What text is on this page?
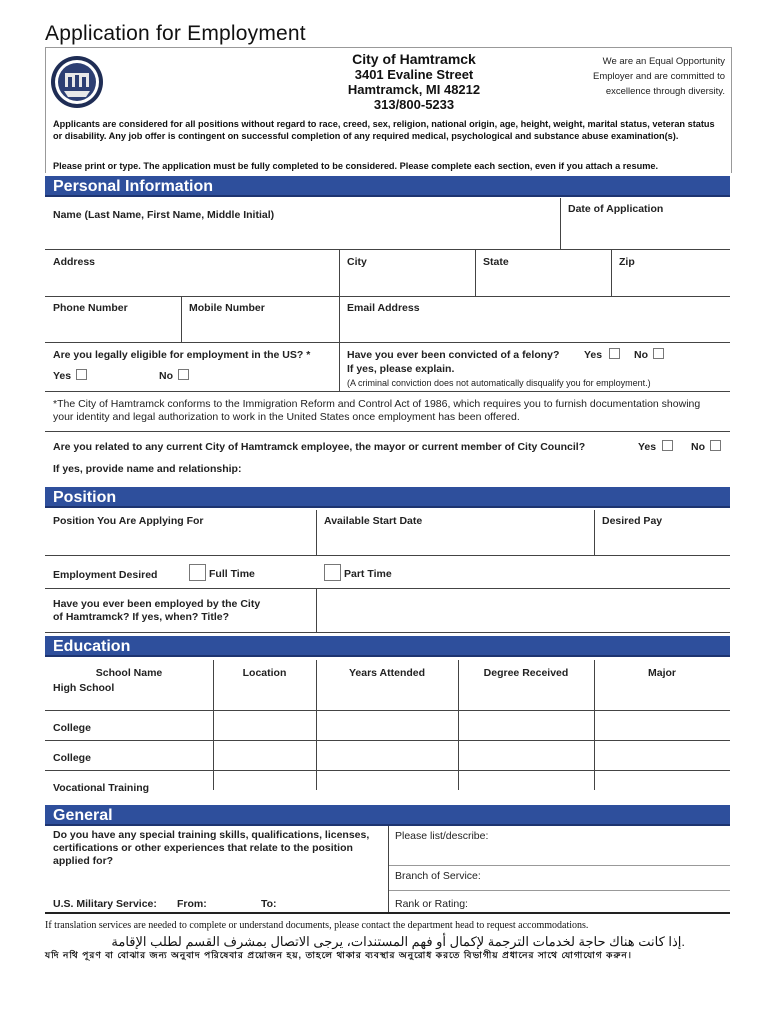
Application for Employment
City of Hamtramck
3401 Evaline Street
Hamtramck, MI 48212
313/800-5233
We are an Equal Opportunity
Employer and are committed to
excellence through diversity.
Applicants are considered for all positions without regard to race, creed, sex, religion, national origin, age, height, weight, marital status, veteran status or disability. Any job offer is contingent on successful completion of any required medical, psychological and substance abuse examination(s).
Please print or type. The application must be fully completed to be considered. Please complete each section, even if you attach a resume.
Personal Information
Name (Last Name, First Name, Middle Initial)	Date of Application
Address	City	State	Zip
Phone Number	Mobile Number	Email Address
Are you legally eligible for employment in the US? *
Yes	No
Have you ever been convicted of a felony? Yes	No
If yes, please explain.
(A criminal conviction does not automatically disqualify you for employment.)
*The City of Hamtramck conforms to the Immigration Reform and Control Act of 1986, which requires you to furnish documentation showing your identity and legal authorization to work in the United States once employment has been offered.
Are you related to any current City of Hamtramck employee, the mayor or current member of City Council?	Yes	No
If yes, provide name and relationship:
Position
Position You Are Applying For	Available Start Date	Desired Pay
Employment Desired	Full Time	Part Time
Have you ever been employed by the City
of Hamtramck? If yes, when? Title?
Education
School Name	Location	Years Attended	Degree Received	Major
High School
College
College
Vocational Training
General
Do you have any special training skills, qualifications, licenses, certifications or other experiences that relate to the position applied for?
Please list/describe:
Branch of Service:
U.S. Military Service: From:	To:	Rank or Rating:
If translation services are needed to complete or understand documents, please contact the department head to request accommodations.
.إذا كانت هناك حاجة لخدمات الترجمة لإكمال أو فهم المستندات، يرجى الاتصال بمشرف القسم لطلب الإقامة
যদি নথি পূরণ বা বোঝার জন্য অনুবাদ পরিষেবার প্রয়োজন হয়, তাহলে থাকার ব্যবস্থার অনুরোধ করতে বিভাগীয় প্রধানের সাথে যোগাযোগ করুন।
